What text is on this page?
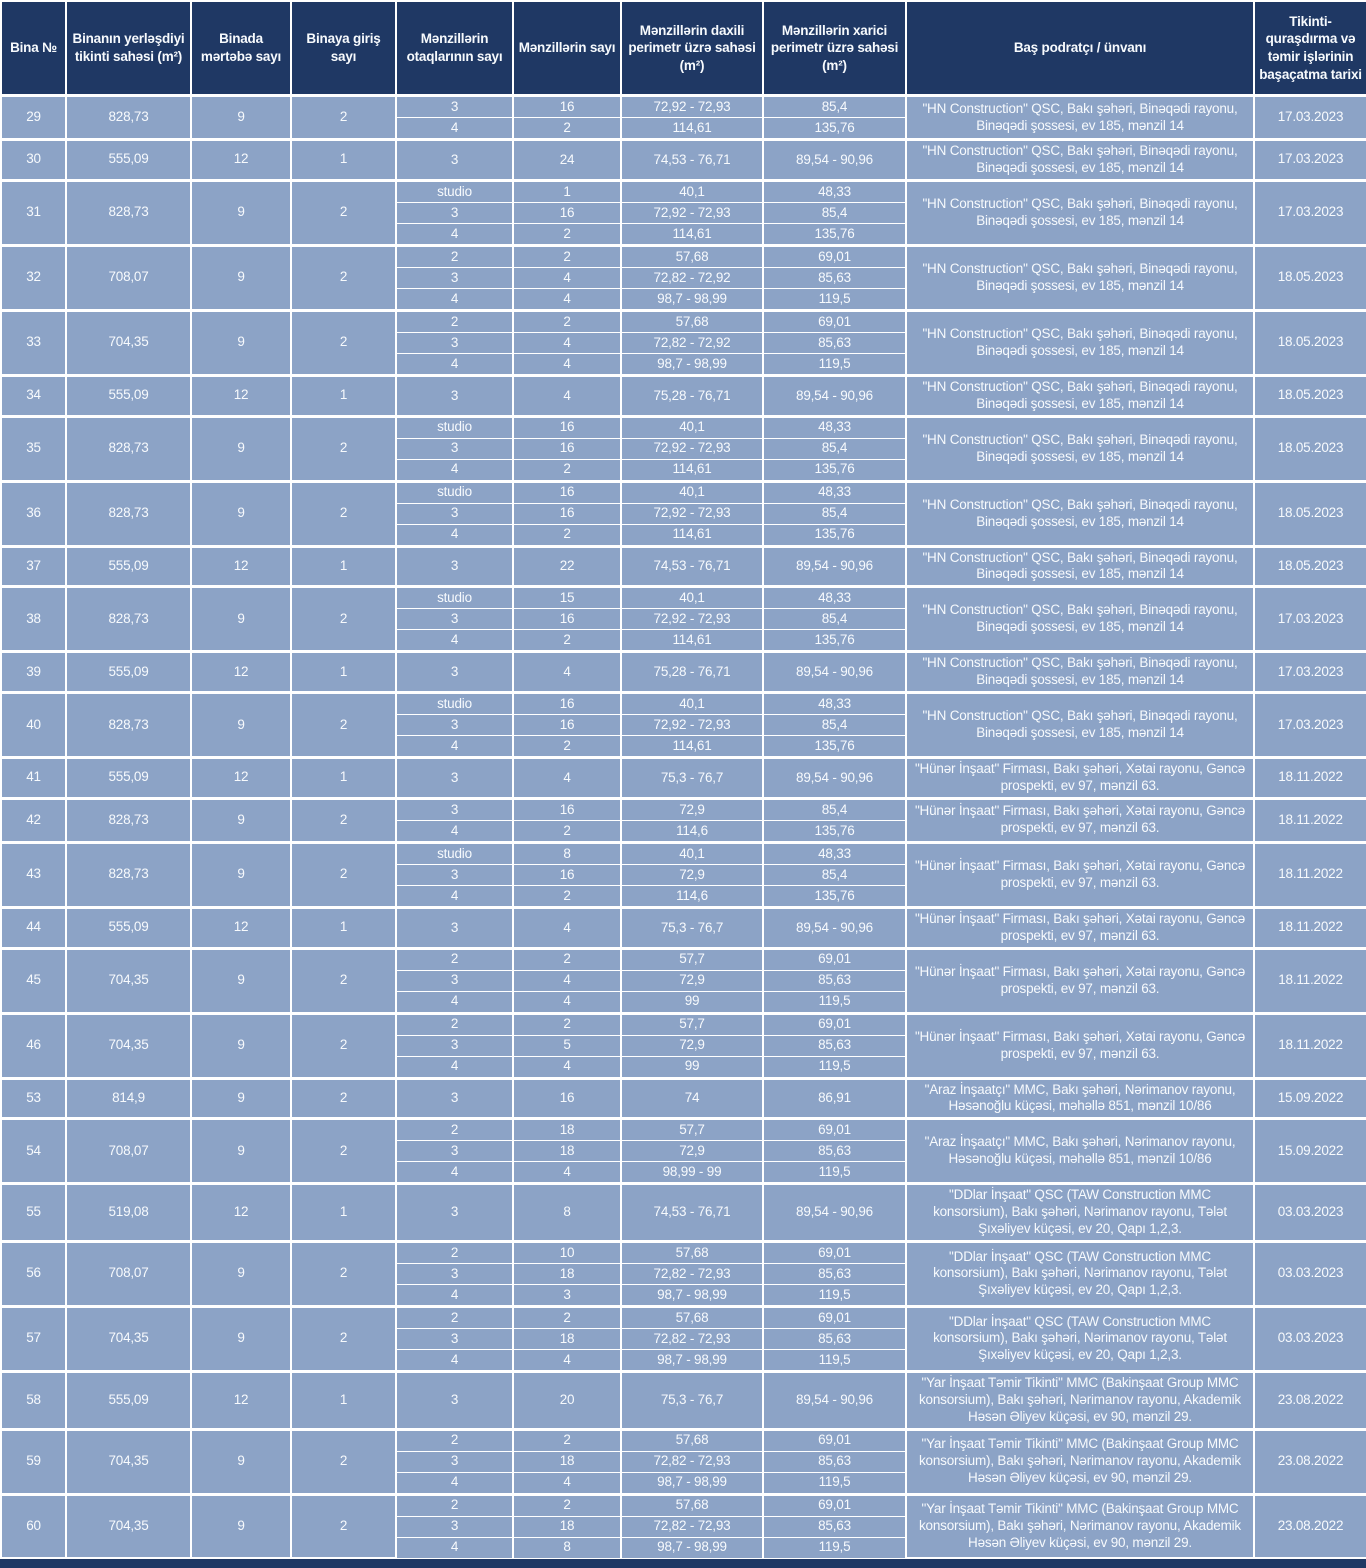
Bina №	Binanın yerləşdiyi tikinti sahəsi (m²)	Binada mərtəbə sayı	Binaya giriş sayı	Mənzillərin otaqlarının sayı	Mənzillərin sayı	Mənzillərin daxili perimetr üzrə sahəsi (m²)	Mənzillərin xarici perimetr üzrə sahəsi (m²)	Baş podratçı / ünvanı	Tikinti-quraşdırma və təmir işlərinin başaçatma tarixi
29	828,73	9	2	3	16	72,92 - 72,93	85,4	"HN Construction" QSC, Bakı şəhəri, Binəqədi rayonu, Binəqədi şossesi, ev 185, mənzil 14	17.03.2023
				4	2	114,61	135,76		
30	555,09	12	1	3	24	74,53 - 76,71	89,54 - 90,96	"HN Construction" QSC, Bakı şəhəri, Binəqədi rayonu, Binəqədi şossesi, ev 185, mənzil 14	17.03.2023
31	828,73	9	2	studio	1	40,1	48,33	"HN Construction" QSC, Bakı şəhəri, Binəqədi rayonu, Binəqədi şossesi, ev 185, mənzil 14	17.03.2023
				3	16	72,92 - 72,93	85,4		
				4	2	114,61	135,76		
32	708,07	9	2	2	2	57,68	69,01	"HN Construction" QSC, Bakı şəhəri, Binəqədi rayonu, Binəqədi şossesi, ev 185, mənzil 14	18.05.2023
				3	4	72,82 - 72,92	85,63		
				4	4	98,7 - 98,99	119,5		
33	704,35	9	2	2	2	57,68	69,01	"HN Construction" QSC, Bakı şəhəri, Binəqədi rayonu, Binəqədi şossesi, ev 185, mənzil 14	18.05.2023
				3	4	72,82 - 72,92	85,63		
				4	4	98,7 - 98,99	119,5		
34	555,09	12	1	3	4	75,28 - 76,71	89,54 - 90,96	"HN Construction" QSC, Bakı şəhəri, Binəqədi rayonu, Binəqədi şossesi, ev 185, mənzil 14	18.05.2023
35	828,73	9	2	studio	16	40,1	48,33	"HN Construction" QSC, Bakı şəhəri, Binəqədi rayonu, Binəqədi şossesi, ev 185, mənzil 14	18.05.2023
				3	16	72,92 - 72,93	85,4		
				4	2	114,61	135,76		
36	828,73	9	2	studio	16	40,1	48,33	"HN Construction" QSC, Bakı şəhəri, Binəqədi rayonu, Binəqədi şossesi, ev 185, mənzil 14	18.05.2023
				3	16	72,92 - 72,93	85,4		
				4	2	114,61	135,76		
37	555,09	12	1	3	22	74,53 - 76,71	89,54 - 90,96	"HN Construction" QSC, Bakı şəhəri, Binəqədi rayonu, Binəqədi şossesi, ev 185, mənzil 14	18.05.2023
38	828,73	9	2	studio	15	40,1	48,33	"HN Construction" QSC, Bakı şəhəri, Binəqədi rayonu, Binəqədi şossesi, ev 185, mənzil 14	17.03.2023
				3	16	72,92 - 72,93	85,4		
				4	2	114,61	135,76		
39	555,09	12	1	3	4	75,28 - 76,71	89,54 - 90,96	"HN Construction" QSC, Bakı şəhəri, Binəqədi rayonu, Binəqədi şossesi, ev 185, mənzil 14	17.03.2023
40	828,73	9	2	studio	16	40,1	48,33	"HN Construction" QSC, Bakı şəhəri, Binəqədi rayonu, Binəqədi şossesi, ev 185, mənzil 14	17.03.2023
				3	16	72,92 - 72,93	85,4		
				4	2	114,61	135,76		
41	555,09	12	1	3	4	75,3 - 76,7	89,54 - 90,96	"Hünər İnşaat" Firması, Bakı şəhəri, Xətai rayonu, Gəncə prospekti, ev 97, mənzil 63.	18.11.2022
42	828,73	9	2	3	16	72,9	85,4	"Hünər İnşaat" Firması, Bakı şəhəri, Xətai rayonu, Gəncə prospekti, ev 97, mənzil 63.	18.11.2022
				4	2	114,6	135,76		
43	828,73	9	2	studio	8	40,1	48,33	"Hünər İnşaat" Firması, Bakı şəhəri, Xətai rayonu, Gəncə prospekti, ev 97, mənzil 63.	18.11.2022
				3	16	72,9	85,4		
				4	2	114,6	135,76		
44	555,09	12	1	3	4	75,3 - 76,7	89,54 - 90,96	"Hünər İnşaat" Firması, Bakı şəhəri, Xətai rayonu, Gəncə prospekti, ev 97, mənzil 63.	18.11.2022
45	704,35	9	2	2	2	57,7	69,01	"Hünər İnşaat" Firması, Bakı şəhəri, Xətai rayonu, Gəncə prospekti, ev 97, mənzil 63.	18.11.2022
				3	4	72,9	85,63		
				4	4	99	119,5		
46	704,35	9	2	2	2	57,7	69,01	"Hünər İnşaat" Firması, Bakı şəhəri, Xətai rayonu, Gəncə prospekti, ev 97, mənzil 63.	18.11.2022
				3	5	72,9	85,63		
				4	4	99	119,5		
53	814,9	9	2	3	16	74	86,91	"Araz İnşaatçı" MMC, Bakı şəhəri, Nərimanov rayonu, Həsənoğlu küçəsi, məhəllə 851, mənzil 10/86	15.09.2022
54	708,07	9	2	2	18	57,7	69,01	"Araz İnşaatçı" MMC, Bakı şəhəri, Nərimanov rayonu, Həsənoğlu küçəsi, məhəllə 851, mənzil 10/86	15.09.2022
				3	18	72,9	85,63		
				4	4	98,99 - 99	119,5		
55	519,08	12	1	3	8	74,53 - 76,71	89,54 - 90,96	"DDlar İnşaat" QSC (TAW Construction MMC konsorsium), Bakı şəhəri, Nərimanov rayonu, Tələt Şıxəliyev küçəsi, ev 20, Qapı 1,2,3.	03.03.2023
56	708,07	9	2	2	10	57,68	69,01	"DDlar İnşaat" QSC (TAW Construction MMC konsorsium), Bakı şəhəri, Nərimanov rayonu, Tələt Şıxəliyev küçəsi, ev 20, Qapı 1,2,3.	03.03.2023
				3	18	72,82 - 72,93	85,63		
				4	3	98,7 - 98,99	119,5		
57	704,35	9	2	2	2	57,68	69,01	"DDlar İnşaat" QSC (TAW Construction MMC konsorsium), Bakı şəhəri, Nərimanov rayonu, Tələt Şıxəliyev küçəsi, ev 20, Qapı 1,2,3.	03.03.2023
				3	18	72,82 - 72,93	85,63		
				4	4	98,7 - 98,99	119,5		
58	555,09	12	1	3	20	75,3 - 76,7	89,54 - 90,96	"Yar İnşaat Təmir Tikinti" MMC (Bakinşaat Group MMC konsorsium), Bakı şəhəri, Nərimanov rayonu, Akademik Həsən Əliyev küçəsi, ev 90, mənzil 29.	23.08.2022
59	704,35	9	2	2	2	57,68	69,01	"Yar İnşaat Təmir Tikinti" MMC (Bakinşaat Group MMC konsorsium), Bakı şəhəri, Nərimanov rayonu, Akademik Həsən Əliyev küçəsi, ev 90, mənzil 29.	23.08.2022
				3	18	72,82 - 72,93	85,63		
				4	4	98,7 - 98,99	119,5		
60	704,35	9	2	2	2	57,68	69,01	"Yar İnşaat Təmir Tikinti" MMC (Bakinşaat Group MMC konsorsium), Bakı şəhəri, Nərimanov rayonu, Akademik Həsən Əliyev küçəsi, ev 90, mənzil 29.	23.08.2022
				3	18	72,82 - 72,93	85,63		
				4	8	98,7 - 98,99	119,5		
